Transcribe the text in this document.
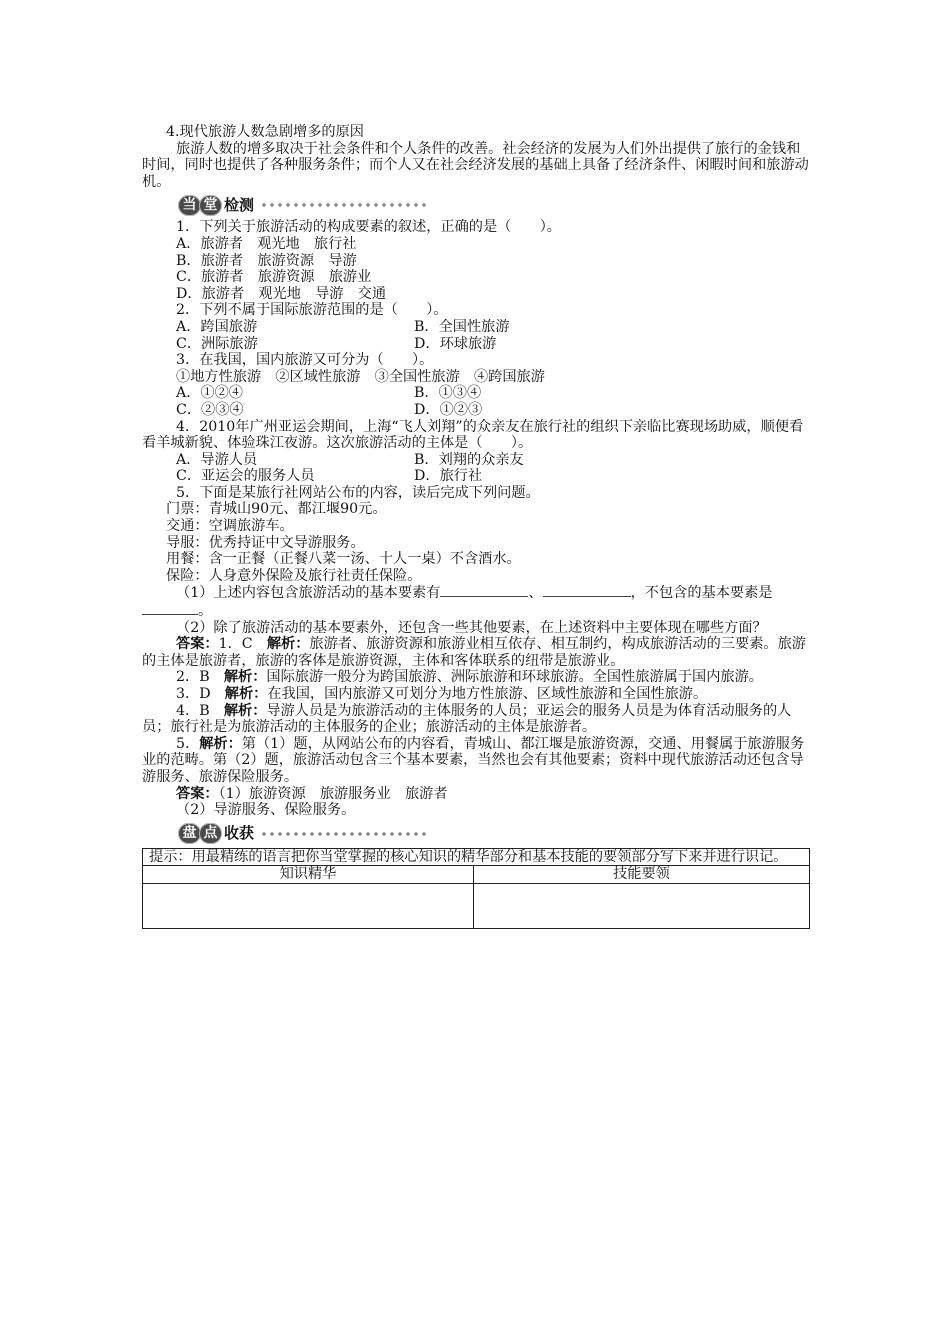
4.现代旅游人数急剧增多的原因

旅游人数的增多取决于社会条件和个人条件的改善。社会经济的发展为人们外出提供了旅行的金钱和时间，同时也提供了各种服务条件；而个人又在社会经济发展的基础上具备了经济条件、闲暇时间和旅游动机。

当 堂 检测

1．下列关于旅游活动的构成要素的叙述，正确的是（　　）。

A．旅游者　观光地　旅行社

B．旅游者　旅游资源　导游

C．旅游者　旅游资源　旅游业

D．旅游者　观光地　导游　交通

2．下列不属于国际旅游范围的是（　　）。

A．跨国旅游	B．全国性旅游
C．洲际旅游	D．环球旅游

3．在我国，国内旅游又可分为（　　）。

①地方性旅游　②区域性旅游　③全国性旅游　④跨国旅游

A．①②④	B．①③④
C．②③④	D．①②③

4．2010年广州亚运会期间，上海“飞人刘翔”的众亲友在旅行社的组织下亲临比赛现场助威，顺便看看羊城新貌、体验珠江夜游。这次旅游活动的主体是（　　）。

A．导游人员	B．刘翔的众亲友
C．亚运会的服务人员	D．旅行社

5．下面是某旅行社网站公布的内容，读后完成下列问题。

门票：青城山90元、都江堰90元。

交通：空调旅游车。

导服：优秀持证中文导游服务。

用餐：含一正餐（正餐八菜一汤、十人一桌）不含酒水。

保险：人身意外保险及旅行社责任保险。

（1）上述内容包含旅游活动的基本要素有	、	，不包含的基本要素是。

（2）除了旅游活动的基本要素外，还包含一些其他要素，在上述资料中主要体现在哪些方面？

答案：1．C　解析：旅游者、旅游资源和旅游业相互依存、相互制约，构成旅游活动的三要素。旅游的主体是旅游者，旅游的客体是旅游资源，主体和客体联系的纽带是旅游业。

2．B　解析：国际旅游一般分为跨国旅游、洲际旅游和环球旅游。全国性旅游属于国内旅游。

3．D　解析：在我国，国内旅游又可划分为地方性旅游、区域性旅游和全国性旅游。

4．B　解析：导游人员是为旅游活动的主体服务的人员；亚运会的服务人员是为体育活动服务的人员；旅行社是为旅游活动的主体服务的企业；旅游活动的主体是旅游者。

5．解析：第（1）题，从网站公布的内容看，青城山、都江堰是旅游资源，交通、用餐属于旅游服务业的范畴。第（2）题，旅游活动包含三个基本要素，当然也会有其他要素；资料中现代旅游活动还包含导游服务、旅游保险服务。

答案：（1）旅游资源　旅游服务业　旅游者

（2）导游服务、保险服务。

盘 点 收获
提示：用最精练的语言把你当堂掌握的核心知识的精华部分和基本技能的要领部分写下来并进行识记。	
知识精华	技能要领
